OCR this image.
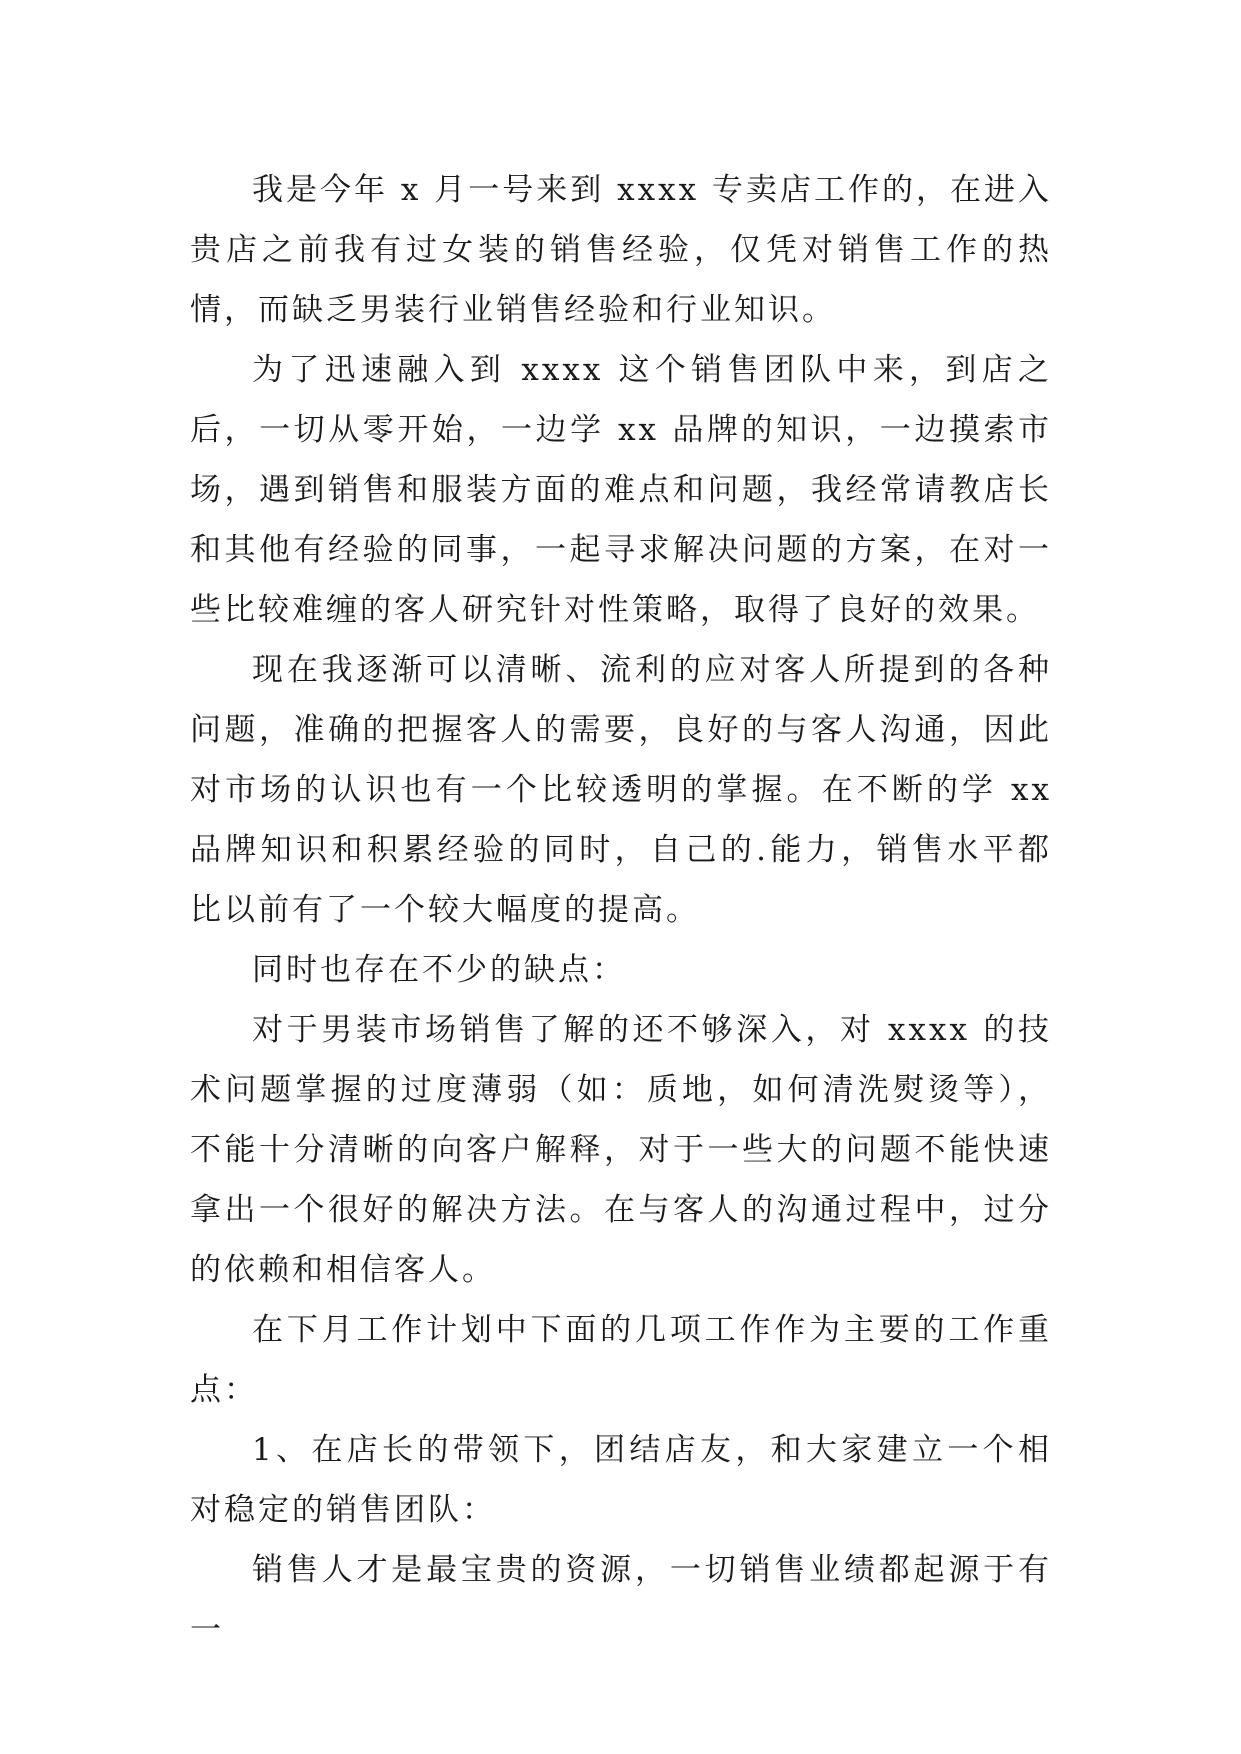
我是今年 x 月一号来到 xxxx 专卖店工作的，在进入贵店之前我有过女装的销售经验，仅凭对销售工作的热情，而缺乏男装行业销售经验和行业知识。

为了迅速融入到 xxxx 这个销售团队中来，到店之后，一切从零开始，一边学 xx 品牌的知识，一边摸索市场，遇到销售和服装方面的难点和问题，我经常请教店长和其他有经验的同事，一起寻求解决问题的方案，在对一些比较难缠的客人研究针对性策略，取得了良好的效果。

现在我逐渐可以清晰、流利的应对客人所提到的各种问题，准确的把握客人的需要，良好的与客人沟通，因此对市场的认识也有一个比较透明的掌握。在不断的学 xx 品牌知识和积累经验的同时，自己的.能力，销售水平都比以前有了一个较大幅度的提高。

同时也存在不少的缺点：

对于男装市场销售了解的还不够深入，对 xxxx 的技术问题掌握的过度薄弱（如：质地，如何清洗熨烫等），不能十分清晰的向客户解释，对于一些大的问题不能快速拿出一个很好的解决方法。在与客人的沟通过程中，过分的依赖和相信客人。

在下月工作计划中下面的几项工作作为主要的工作重点：

1、在店长的带领下，团结店友，和大家建立一个相对稳定的销售团队：

销售人才是最宝贵的资源，一切销售业绩都起源于有一
